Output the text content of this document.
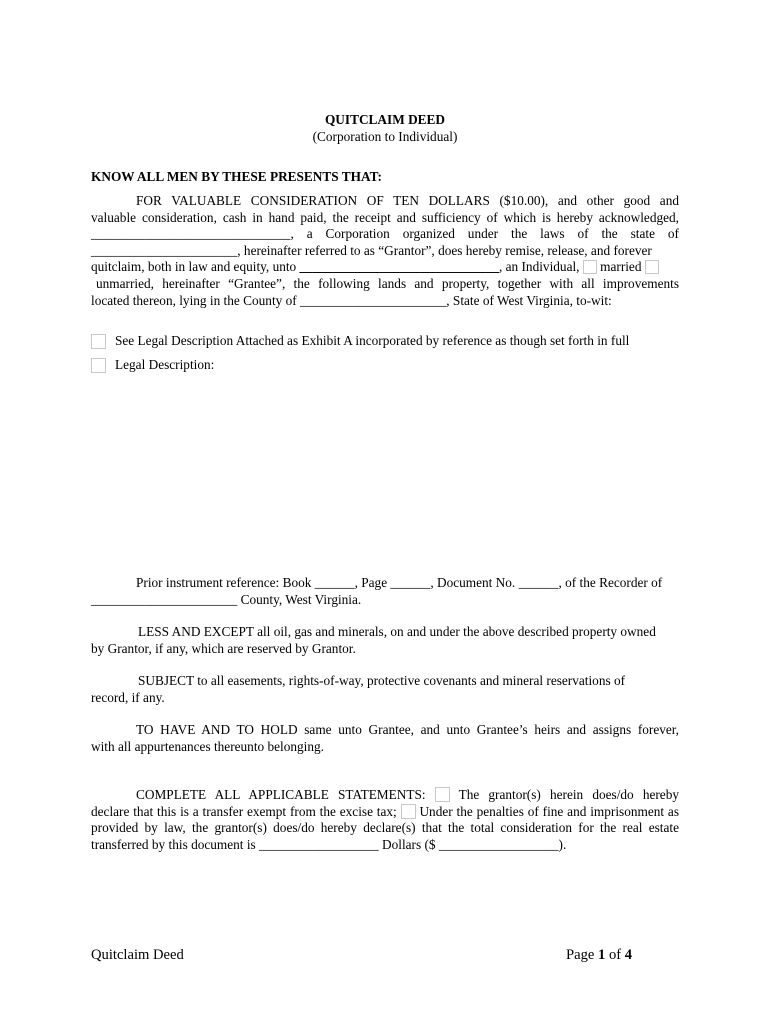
QUITCLAIM DEED
(Corporation to Individual)
KNOW ALL MEN BY THESE PRESENTS THAT:
FOR VALUABLE CONSIDERATION OF TEN DOLLARS ($10.00), and other good and
valuable consideration, cash in hand paid, the receipt and sufficiency of which is hereby acknowledged,
______________________________, a Corporation organized under the laws of the state of
______________________, hereinafter referred to as “Grantor”, does hereby remise, release, and forever
quitclaim, both in law and equity, unto ______________________________, an Individual,  married
unmarried, hereinafter “Grantee”, the following lands and property, together with all improvements
located thereon, lying in the County of ______________________, State of West Virginia, to-wit:
See Legal Description Attached as Exhibit A incorporated by reference as though set forth in full
Legal Description:
Prior instrument reference: Book ______, Page ______, Document No. ______, of the Recorder of
______________________ County, West Virginia.
LESS AND EXCEPT all oil, gas and minerals, on and under the above described property owned
by Grantor, if any, which are reserved by Grantor.
SUBJECT to all easements, rights-of-way, protective covenants and mineral reservations of
record, if any.
TO HAVE AND TO HOLD same unto Grantee, and unto Grantee’s heirs and assigns forever,
with all appurtenances thereunto belonging.
COMPLETE ALL APPLICABLE STATEMENTS:  The grantor(s) herein does/do hereby
declare that this is a transfer exempt from the excise tax;  Under the penalties of fine and imprisonment as
provided by law, the grantor(s) does/do hereby declare(s) that the total consideration for the real estate
transferred by this document is __________________ Dollars ($ __________________).
Quitclaim Deed	Page 1 of 4
